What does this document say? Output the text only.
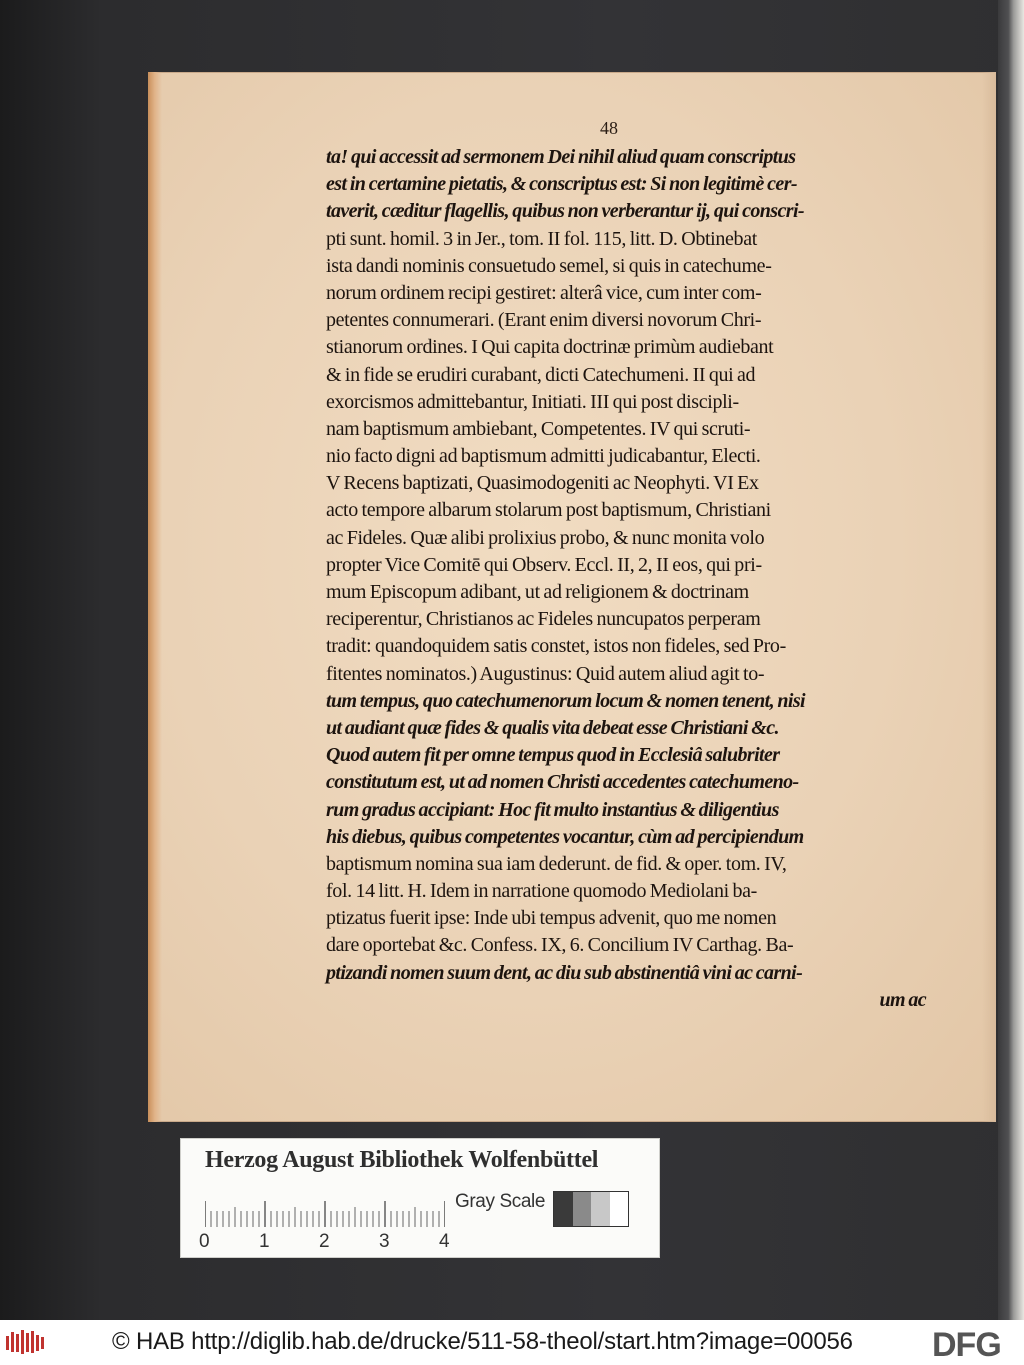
48
ta! qui accessit ad sermonem Dei nihil aliud quam conscriptus
est in certamine pietatis, & conscriptus est: Si non legitimè cer-
taverit, cæditur flagellis, quibus non verberantur ij, qui conscri-
pti sunt. homil. 3 in Jer., tom. II fol. 115, litt. D. Obtinebat
ista dandi nominis consuetudo semel, si quis in catechume-
norum ordinem recipi gestiret: alterâ vice, cum inter com-
petentes connumerari. (Erant enim diversi novorum Chri-
stianorum ordines. I Qui capita doctrinæ primùm audiebant
& in fide se erudiri curabant, dicti Catechumeni. II qui ad
exorcismos admittebantur, Initiati. III qui post discipli-
nam baptismum ambiebant, Competentes. IV qui scruti-
nio facto digni ad baptismum admitti judicabantur, Electi.
V Recens baptizati, Quasimodogeniti ac Neophyti. VI Ex
acto tempore albarum stolarum post baptismum, Christiani
ac Fideles. Quæ alibi prolixius probo, & nunc monita volo
propter Vice Comitē qui Observ. Eccl. II, 2, II eos, qui pri-
mum Episcopum adibant, ut ad religionem & doctrinam
reciperentur, Christianos ac Fideles nuncupatos perperam
tradit: quandoquidem satis constet, istos non fideles, sed Pro-
fitentes nominatos.) Augustinus: Quid autem aliud agit to-
tum tempus, quo catechumenorum locum & nomen tenent, nisi
ut audiant quæ fides & qualis vita debeat esse Christiani &c.
Quod autem fit per omne tempus quod in Ecclesiâ salubriter
constitutum est, ut ad nomen Christi accedentes catechumeno-
rum gradus accipiant: Hoc fit multo instantius & diligentius
his diebus, quibus competentes vocantur, cùm ad percipiendum
baptismum nomina sua iam dederunt. de fid. & oper. tom. IV,
fol. 14 litt. H. Idem in narratione quomodo Mediolani ba-
ptizatus fuerit ipse: Inde ubi tempus advenit, quo me nomen
dare oportebat &c. Confess. IX, 6. Concilium IV Carthag. Ba-
ptizandi nomen suum dent, ac diu sub abstinentiâ vini ac carni-
um ac
Herzog August Bibliothek Wolfenbüttel
0	1	2	3	4
Gray Scale
© HAB http://diglib.hab.de/drucke/511-58-theol/start.htm?image=00056 DFG
